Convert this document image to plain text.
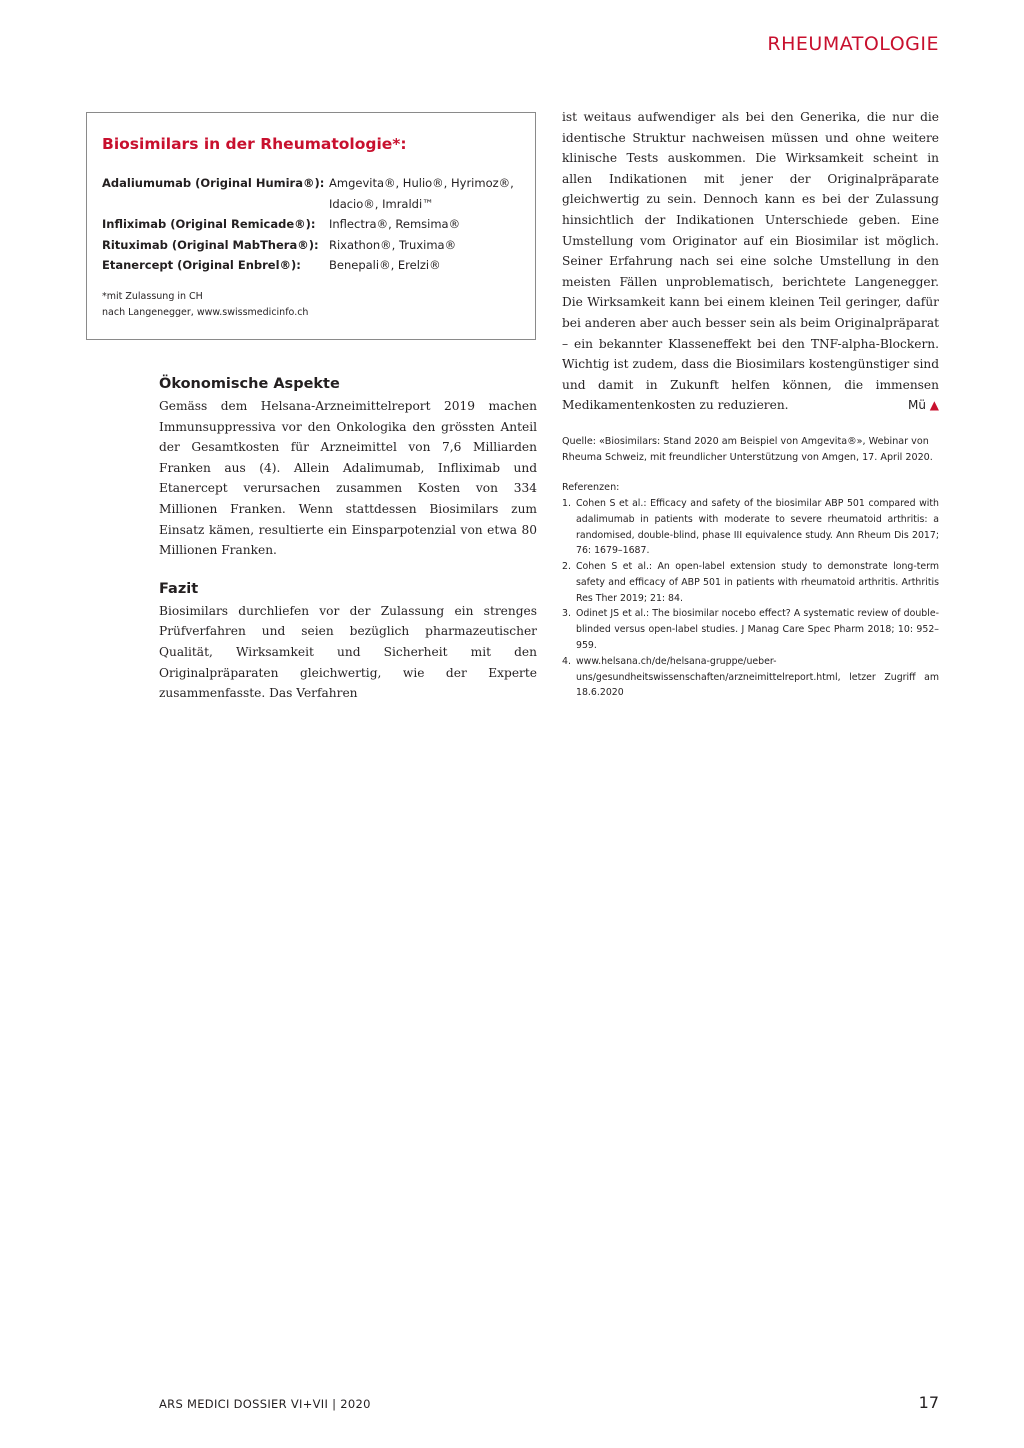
RHEUMATOLOGIE
Biosimilars in der Rheumatologie*:
Adaliumumab (Original Humira®): Amgevita®, Hulio®, Hyrimoz®, Idacio®, Imraldi™
Infliximab (Original Remicade®):	Inflectra®, Remsima®
Rituximab (Original MabThera®): Rixathon®, Truxima®
Etanercept (Original Enbrel®):	Benepali®, Erelzi®
*mit Zulassung in CH
nach Langenegger, www.swissmedicinfo.ch
Ökonomische Aspekte

Gemäss dem Helsana-Arzneimittelreport 2019 machen Immunsuppressiva vor den Onkologika den grössten Anteil der Gesamtkosten für Arzneimittel von 7,6 Milliarden Franken aus (4). Allein Adalimumab, Infliximab und Etanercept verursachen zusammen Kosten von 334 Millionen Franken. Wenn stattdessen Biosimilars zum Einsatz kämen, resultierte ein Einsparpotenzial von etwa 80 Millionen Franken.

Fazit

Biosimilars durchliefen vor der Zulassung ein strenges Prüfverfahren und seien bezüglich pharmazeutischer Qualität, Wirksamkeit und Sicherheit mit den Originalpräparaten gleichwertig, wie der Experte zusammenfasste. Das Verfahren

ist weitaus aufwendiger als bei den Generika, die nur die identische Struktur nachweisen müssen und ohne weitere klinische Tests auskommen. Die Wirksamkeit scheint in allen Indikationen mit jener der Originalpräparate gleichwertig zu sein. Dennoch kann es bei der Zulassung hinsichtlich der Indikationen Unterschiede geben. Eine Umstellung vom Originator auf ein Biosimilar ist möglich. Seiner Erfahrung nach sei eine solche Umstellung in den meisten Fällen unproblematisch, berichtete Langenegger. Die Wirksamkeit kann bei einem kleinen Teil geringer, dafür bei anderen aber auch besser sein als beim Originalpräparat – ein bekannter Klasseneffekt bei den TNF-alpha-Blockern. Wichtig ist zudem, dass die Biosimilars kostengünstiger sind und damit in Zukunft helfen können, die immensen Medikamentenkosten zu reduzieren.	Mü ▲

Quelle: «Biosimilars: Stand 2020 am Beispiel von Amgevita®», Webinar von Rheuma Schweiz, mit freundlicher Unterstützung von Amgen, 17. April 2020.
Referenzen:
1. Cohen S et al.: Efficacy and safety of the biosimilar ABP 501 compared with adalimumab in patients with moderate to severe rheumatoid arthritis: a randomised, double-blind, phase III equivalence study. Ann Rheum Dis 2017; 76: 1679–1687.
2. Cohen S et al.: An open-label extension study to demonstrate long-term safety and efficacy of ABP 501 in patients with rheumatoid arthritis. Arthritis Res Ther 2019; 21: 84.
3. Odinet JS et al.: The biosimilar nocebo effect? A systematic review of double-blinded versus open-label studies. J Manag Care Spec Pharm 2018; 10: 952–959.
4. www.helsana.ch/de/helsana-gruppe/ueber-uns/gesundheitswissenschaften/arzneimittelreport.html, letzer Zugriff am 18.6.2020
ARS MEDICI DOSSIER VI+VII | 2020	17
